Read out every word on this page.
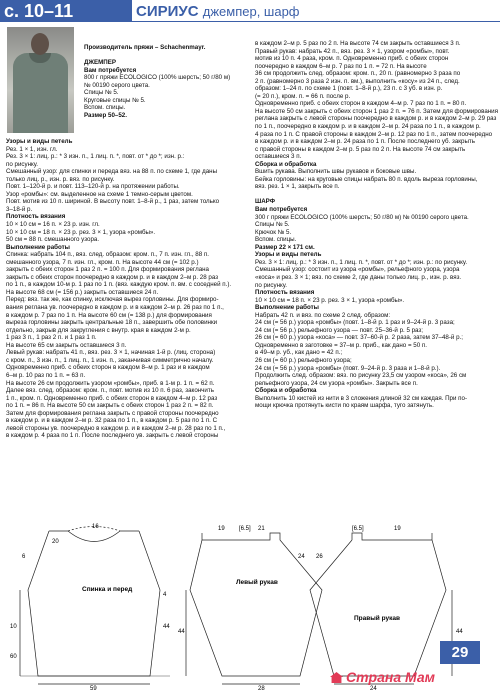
с. 10–11	СИРИУС джемпер, шарф
Производитель пряжи – Schachenmayr.

ДЖЕМПЕР
Вам потребуется
800 г пряжи ECOLOGICO (100% шерсть; 50 г/80 м)
№ 00190 серого цвета.
Спицы № 5.
Круговые спицы № 5.
Вспом. спицы.
Размер 50–52.
Узоры и виды петель
Рез. 1 × 1, изн. гл.
Рез. 3 × 1: лиц. р.: * 3 изн. п., 1 лиц. п. *, повт. от * до *; изн. р.:
по рисунку.
Смешанный узор: для спинки и переда вяз. на 88 п. по схеме 1, где даны
только лиц. р., изн. р. вяз. по рисунку.
Повт. 1–120-й р. и повт. 113–120-й р. на протяжении работы.
Узор «ромбы»: см. выделенное на схеме 1 темно-серым цветом.
Повт. мотив из 10 п. шириной. В высоту повт. 1–8-й р., 1 раз, затем только
3–18-й р.
Плотность вязания
10 × 10 см = 16 п. × 23 р. изн. гл.
10 × 10 см = 18 п. × 23 р. рез. 3 × 1, узора «ромбы».
50 см = 88 п. смешанного узора.
Выполнение работы
Спинка: набрать 104 п., вяз. след. образом: кром. п., 7 п. изн. гл., 88 п.
смешанного узора, 7 п. изн. гл., кром. п. На высоте 44 см (= 102 р.)
закрыть с обеих сторон 1 раз 2 п. = 100 п. Для формирования реглана
закрыть с обеих сторон поочередно в каждом р. и в каждом 2–м р. 28 раз
по 1 п., в каждом 10-м р. 1 раз по 1 п. (вяз. каждую кром. п. вм. с соседней п.).
На высоте 68 см (= 156 р.) закрыть оставшиеся 24 п.
Перед: вяз. так же, как спинку, исключая вырез горловины. Для формиро-
вания реглана ув. поочередно в каждом р. и в каждом 2–м р. 26 раз по 1 п.,
в каждом р. 7 раз по 1 п. На высоте 60 см (= 138 р.) для формирования
выреза горловины закрыть центральные 18 п., завершить обе половинки
отдельно, закрыв для закругления с внутр. края в каждом 2-м р.
1 раз 3 п., 1 раз 2 п. и 1 раз 1 п.
На высоте 65 см закрыть оставшиеся 3 п.
Левый рукав: набрать 41 п., вяз. рез. 3 × 1, начиная 1-й р. (лиц. сторона)
с кром. п., 3 изн. п., 1 лиц. п., 1 изн. п., заканчивая симметрично началу.
Одновременно приб. с обеих сторон в каждом 8–м р. 1 раз и в каждом
6–м р. 10 раз по 1 п. = 63 п.
На высоте 26 см продолжить узором «ромбы», приб. в 1-м р. 1 п. = 62 п.
Далее вяз. след. образом: кром. п., повт. мотив из 10 п. 6 раз, закончить
1 п., кром. п. Одновременно приб. с обеих сторон в каждом 4–м р. 12 раз
по 1 п. = 86 п. На высоте 50 см закрыть с обеих сторон 1 раз 2 п. = 82 п.
Затем для формирования реглана закрыть с правой стороны поочередно
в каждом р. и в каждом 2–м р. 32 раза по 1 п., в каждом р. 5 раз по 1 п. С
левой стороны ув. поочередно в каждом р. и в каждом 2–м р. 28 раз по 1 п.,
в каждом р. 4 раза по 1 п. После последнего ув. закрыть с левой стороны
в каждом 2–м р. 5 раз по 2 п. На высоте 74 см закрыть оставшиеся 3 п.
Правый рукав: набрать 42 п., вяз. рез. 3 × 1, узором «ромбы», повт.
мотив из 10 п. 4 раза, кром. п. Одновременно приб. с обеих сторон
поочередно в каждом 6–м р. 7 раз по 1 п. = 72 п. На высоте
36 см продолжить след. образом: кром. п., 20 п. (равномерно 3 раза по
2 п. (равномерно 3 раза 2 изн. п. вм.), выполнить «косу» из 24 п., след.
образом: 1–24 п. по схеме 1 (повт. 1–8-й р.), 23 п. с 3 уб. в изн. р.
(= 20 п.), кром. п. = 66 п. после р.
Одновременно приб. с обеих сторон в каждом 4–м р. 7 раз по 1 п. = 80 п.
На высоте 50 см закрыть с обеих сторон 1 раз 2 п. = 76 п. Затем для формирования
реглана закрыть с левой стороны поочередно в каждом р. и в каждом 2–м р. 29 раз
по 1 п., поочередно в каждом р. и в каждом 2–м р. 24 раза по 1 п., в каждом р.
4 раза по 1 п. С правой стороны в каждом 2–м р. 12 раз по 1 п., затем поочередно
в каждом р. и в каждом 2–м р. 24 раза по 1 п. После последнего уб. закрыть
с правой стороны в каждом 2–м р. 5 раз по 2 п. На высоте 74 см закрыть
оставшиеся 3 п.
Сборка и обработка
Вшить рукава. Выполнить швы рукавов и боковые швы.
Бейка горловины: на круговые спицы набрать 80 п. вдоль выреза горловины,
вяз. рез. 1 × 1, закрыть все п.

ШАРФ
Вам потребуется
300 г пряжи ECOLOGICO (100% шерсть; 50 г/80 м) № 00190 серого цвета.
Спицы № 5.
Крючок № 5.
Вспом. спицы.
Размер 22 × 171 см.
Узоры и виды петель
Рез. 3 × 1: лиц. р.: * 3 изн. п., 1 лиц. п. *, повт. от * до *; изн. р.: по рисунку.
Смешанный узор: состоит из узора «ромбы», рельефного узора, узора
«коса» и рез. 3 × 1; вяз. по схеме 2, где даны только лиц. р., изн. р. вяз.
по рисунку.
Плотность вязания
10 × 10 см = 18 п. × 23 р. рез. 3 × 1, узора «ромбы».
Выполнение работы
Набрать 42 п. и вяз. по схеме 2 след. образом:
24 см (= 56 р.) узора «ромбы» (повт. 1–8-й р. 1 раз и 9–24-й р. 3 раза;
24 см (= 56 р.) рельефного узора — повт. 25–36-й р. 5 раз;
26 см (= 60 р.) узора «коса» — повт. 37–60-й р. 2 раза, затем 37–48-й р.;
Одновременно в заготовке = 37–м р. приб., как дано = 50 п.
в 49–м р. уб., как дано = 42 п.;
26 см (= 60 р.) рельефного узора;
24 см (= 56 р.) узора «ромбы» (повт. 9–24-й р. 3 раза и 1–8-й р.).
Продолжить след. образом: вяз. по рисунку 23,5 см узором «коса», 26 см
рельефного узора, 24 см узора «ромбы». Закрыть все п.
Сборка и обработка
Выполнить 10 кистей из нити в 3 сложения длиной 32 см каждая. При по-
мощи крючка протянуть кисти по краям шарфа, туго затянуть.
Спинка и перед
16
20
10
60
6
44
4
59
19 [6.5] 21
Левый рукав
44
24
28
[6.5]	19
Правый рукав
44
26
24
29
Страна Мам
